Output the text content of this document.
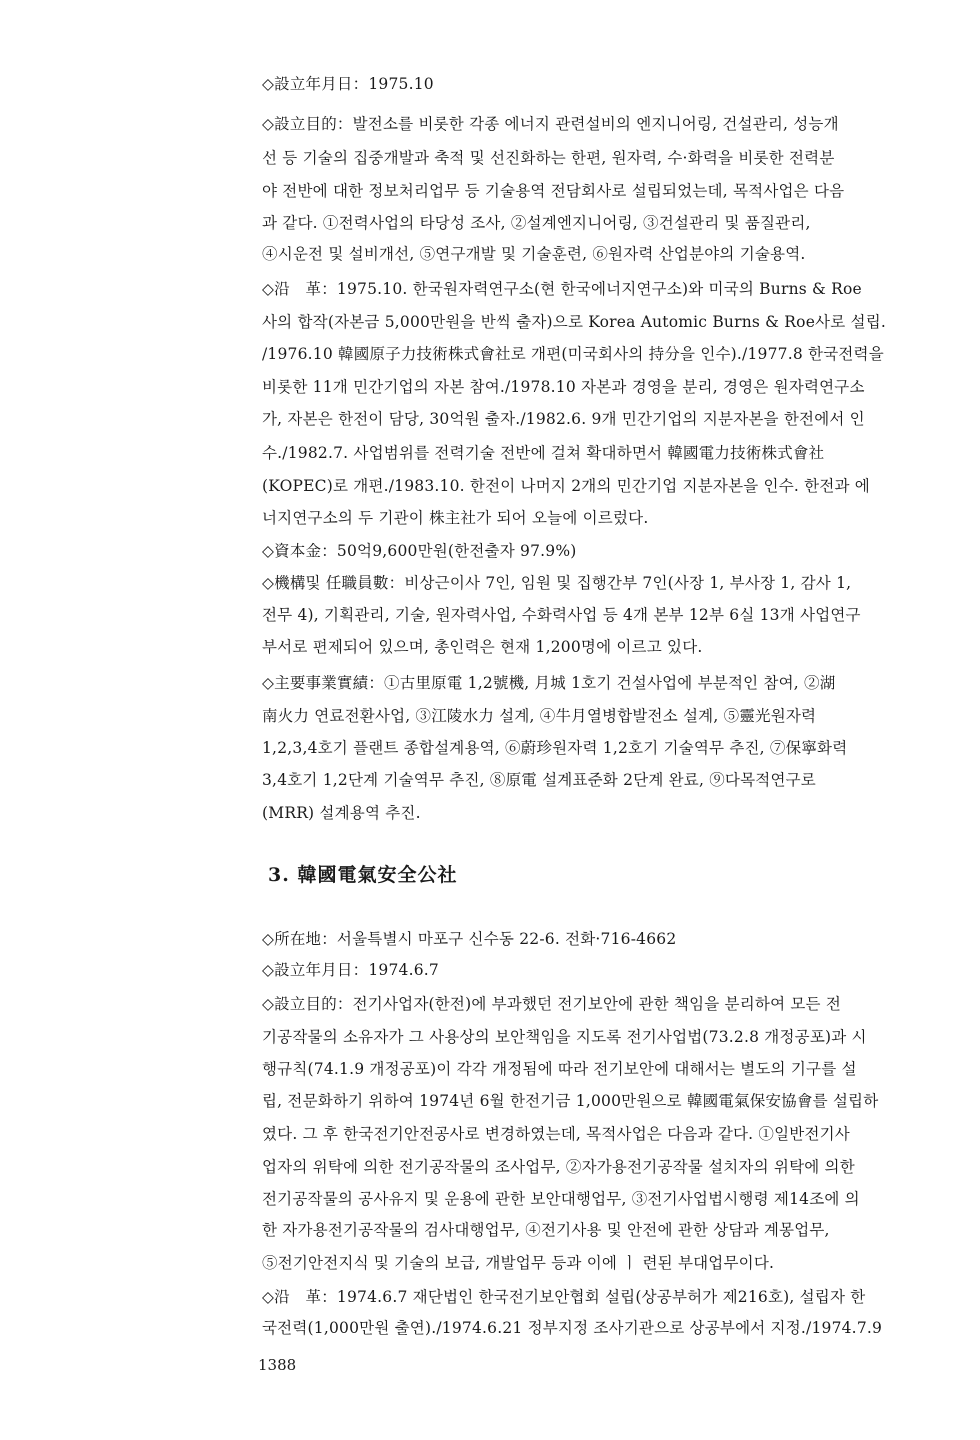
◇設立年月日：1975.10
◇設立目的：발전소를 비롯한 각종 에너지 관련설비의 엔지니어링, 건설관리, 성능개
선 등 기술의 집중개발과 축적 및 선진화하는 한편, 원자력, 수·화력을 비롯한 전력분
야 전반에 대한 정보처리업무 등 기술용역 전담회사로 설립되었는데, 목적사업은 다음
과 같다. ①전력사업의 타당성 조사, ②설계엔지니어링, ③건설관리 및 품질관리,
④시운전 및 설비개선, ⑤연구개발 및 기술훈련, ⑥원자력 산업분야의 기술용역.
◇沿　革：1975.10. 한국원자력연구소(현 한국에너지연구소)와 미국의 Burns & Roe
사의 합작(자본금 5,000만원을 반씩 출자)으로 Korea Automic Burns & Roe사로 설립.
/1976.10 韓國原子力技術株式會社로 개편(미국회사의 持分을 인수)./1977.8 한국전력을
비롯한 11개 민간기업의 자본 참여./1978.10 자본과 경영을 분리, 경영은 원자력연구소
가, 자본은 한전이 담당, 30억원 출자./1982.6. 9개 민간기업의 지분자본을 한전에서 인
수./1982.7. 사업범위를 전력기술 전반에 걸쳐 확대하면서 韓國電力技術株式會社
(KOPEC)로 개편./1983.10. 한전이 나머지 2개의 민간기업 지분자본을 인수. 한전과 에
너지연구소의 두 기관이 株主社가 되어 오늘에 이르렀다.
◇資本金：50억9,600만원(한전출자 97.9%)
◇機構및 任職員數：비상근이사 7인, 임원 및 집행간부 7인(사장 1, 부사장 1, 감사 1,
전무 4), 기획관리, 기술, 원자력사업, 수화력사업 등 4개 본부 12부 6실 13개 사업연구
부서로 편제되어 있으며, 총인력은 현재 1,200명에 이르고 있다.
◇主要事業實績：①古里原電 1,2號機, 月城 1호기 건설사업에 부분적인 참여, ②湖
南火力 연료전환사업, ③江陵水力 설계, ④牛月열병합발전소 설계, ⑤靈光원자력
1,2,3,4호기 플랜트 종합설계용역, ⑥蔚珍원자력 1,2호기 기술역무 추진, ⑦保寧화력
3,4호기 1,2단계 기술역무 추진, ⑧原電 설계표준화 2단계 완료, ⑨다목적연구로
(MRR) 설계용역 추진.
3. 韓國電氣安全公社
◇所在地：서울특별시 마포구 신수동 22-6. 전화·716-4662
◇設立年月日：1974.6.7
◇設立目的：전기사업자(한전)에 부과했던 전기보안에 관한 책임을 분리하여 모든 전
기공작물의 소유자가 그 사용상의 보안책임을 지도록 전기사업법(73.2.8 개정공포)과 시
행규칙(74.1.9 개정공포)이 각각 개정됨에 따라 전기보안에 대해서는 별도의 기구를 설
립, 전문화하기 위하여 1974년 6월 한전기금 1,000만원으로 韓國電氣保安協會를 설립하
였다. 그 후 한국전기안전공사로 변경하였는데, 목적사업은 다음과 같다. ①일반전기사
업자의 위탁에 의한 전기공작물의 조사업무, ②자가용전기공작물 설치자의 위탁에 의한
전기공작물의 공사유지 및 운용에 관한 보안대행업무, ③전기사업법시행령 제14조에 의
한 자가용전기공작물의 검사대행업무, ④전기사용 및 안전에 관한 상담과 계몽업무,
⑤전기안전지식 및 기술의 보급, 개발업무 등과 이에 ㅣ 련된 부대업무이다.
◇沿　革：1974.6.7 재단법인 한국전기보안협회 설립(상공부허가 제216호), 설립자 한
국전력(1,000만원 출연)./1974.6.21 정부지정 조사기관으로 상공부에서 지정./1974.7.9
1388
